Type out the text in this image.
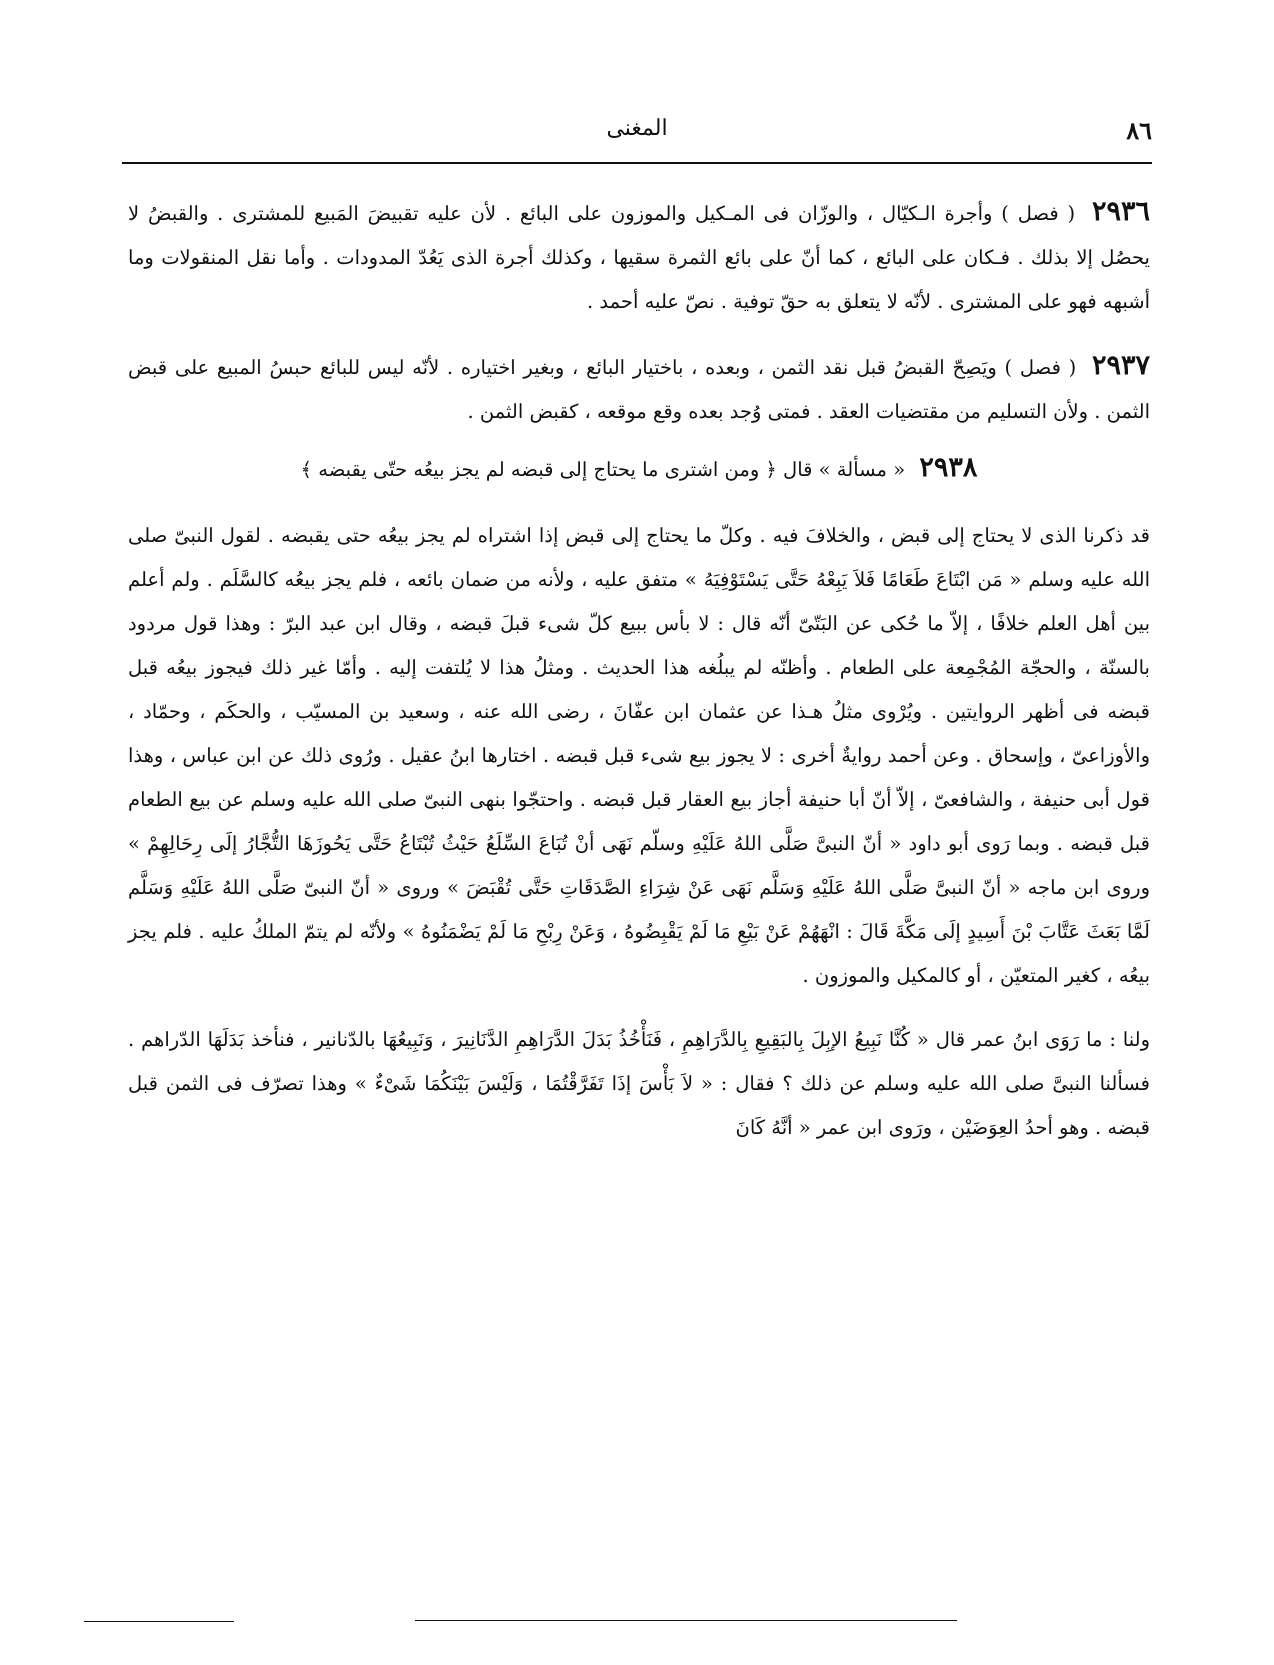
٨٦
المغنى

٢٩٣٦ ( فصل ) وأجرة الـكيّال ، والوزّان فى المـكيل والموزون على البائع . لأن عليه تقبيضَ المَبيع للمشترى . والقبضُ لا يحصُل إلا بذلك . فـكان على البائع ، كما أنّ على بائع الثمرة سقيها ، وكذلك أجرة الذى يَعُدّ المدودات . وأما نقل المنقولات وما أشبهه فهو على المشترى . لأنّه لا يتعلق به حقّ توفية . نصّ عليه أحمد .

٢٩٣٧ ( فصل ) ويَصِحّ القبضُ قبل نقد الثمن ، وبعده ، باختيار البائع ، وبغير اختياره . لأنّه ليس للبائع حبسُ المبيع على قبض الثمن . ولأن التسليم من مقتضيات العقد . فمتى وُجد بعده وقع موقعه ، كقبض الثمن .

٢٩٣٨ « مسألة » قال ﴿ ومن اشترى ما يحتاج إلى قبضه لم يجز بيعُه حتّى يقبضه ﴾

قد ذكرنا الذى لا يحتاج إلى قبض ، والخلافَ فيه . وكلّ ما يحتاج إلى قبض إذا اشتراه لم يجز بيعُه حتى يقبضه . لقول النبىّ صلى الله عليه وسلم « مَن ابْتَاعَ طَعَامًا فَلاَ يَبِعْهُ حَتَّى يَسْتَوْفِيَهُ » متفق عليه ، ولأنه من ضمان بائعه ، فلم يجز بيعُه كالسَّلَم . ولم أعلم بين أهل العلم خلافًا ، إلاّ ما حُكى عن البَتّىّ أنّه قال : لا بأس ببيع كلّ شىء قبلَ قبضه ، وقال ابن عبد البرّ : وهذا قول مردود بالسنّة ، والحجّة المُجْمِعة على الطعام . وأظنّه لم يبلُغه هذا الحديث . ومثلُ هذا لا يُلتفت إليه . وأمّا غير ذلك فيجوز بيعُه قبل قبضه فى أظهر الروايتين . ويُرْوى مثلُ هـذا عن عثمان ابن عفّانَ ، رضى الله عنه ، وسعيد بن المسيّب ، والحكَم ، وحمّاد ، والأوزاعىّ ، وإسحاق . وعن أحمد روايةٌ أخرى : لا يجوز بيع شىء قبل قبضه . اختارها ابنُ عقيل . ورُوى ذلك عن ابن عباس ، وهذا قول أبى حنيفة ، والشافعىّ ، إلاّ أنّ أبا حنيفة أجاز بيع العقار قبل قبضه . واحتجّوا بنهى النبىّ صلى الله عليه وسلم عن بيع الطعام قبل قبضه . وبما رَوى أبو داود « أنّ النبىَّ صَلَّى اللهُ عَلَيْهِ وسلّم نَهَى أنْ تُبَاعَ السِّلَعُ حَيْثُ تُبْتَاعُ حَتَّى يَحُوزَهَا التُّجَّارُ إلَى رِحَالِهِمْ » وروى ابن ماجه « أنّ النبىَّ صَلَّى اللهُ عَلَيْهِ وَسَلَّم نَهَى عَنْ شِرَاءِ الصَّدَقَاتِ حَتَّى تُقْبَضَ » وروى « أنّ النبىّ صَلَّى اللهُ عَلَيْهِ وَسَلَّم لَمَّا بَعَثَ عَتَّابَ بْنَ أَسِيدٍ إلَى مَكَّةَ قَالَ : انْهَهُمْ عَنْ بَيْعِ مَا لَمْ يَقْبِضُوهُ ، وَعَنْ رِبْحِ مَا لَمْ يَضْمَنُوهُ » ولأنّه لم يتمّ الملكُ عليه . فلم يجز بيعُه ، كغير المتعيّن ، أو كالمكيل والموزون .

ولنا : ما رَوَى ابنُ عمر قال « كُنَّا نَبِيعُ الإبِلَ بِالبَقِيعِ بِالدَّرَاهِمِ ، فَنَأْخُذُ بَدَلَ الدَّرَاهِمِ الدَّنَانِيرَ ، وَنَبِيعُهَا بالدّنانير ، فنأخذ بَدَلَهَا الدّراهم . فسألنا النبىَّ صلى الله عليه وسلم عن ذلك ؟ فقال : « لاَ بَأْسَ إذَا تَفَرَّقْتُمَا ، وَلَيْسَ بَيْنَكُمَا شَىْءٌ » وهذا تصرّف فى الثمن قبل قبضه . وهو أحدُ العِوَضَيْن ، ورَوى ابن عمر « أنَّهُ كَانَ
